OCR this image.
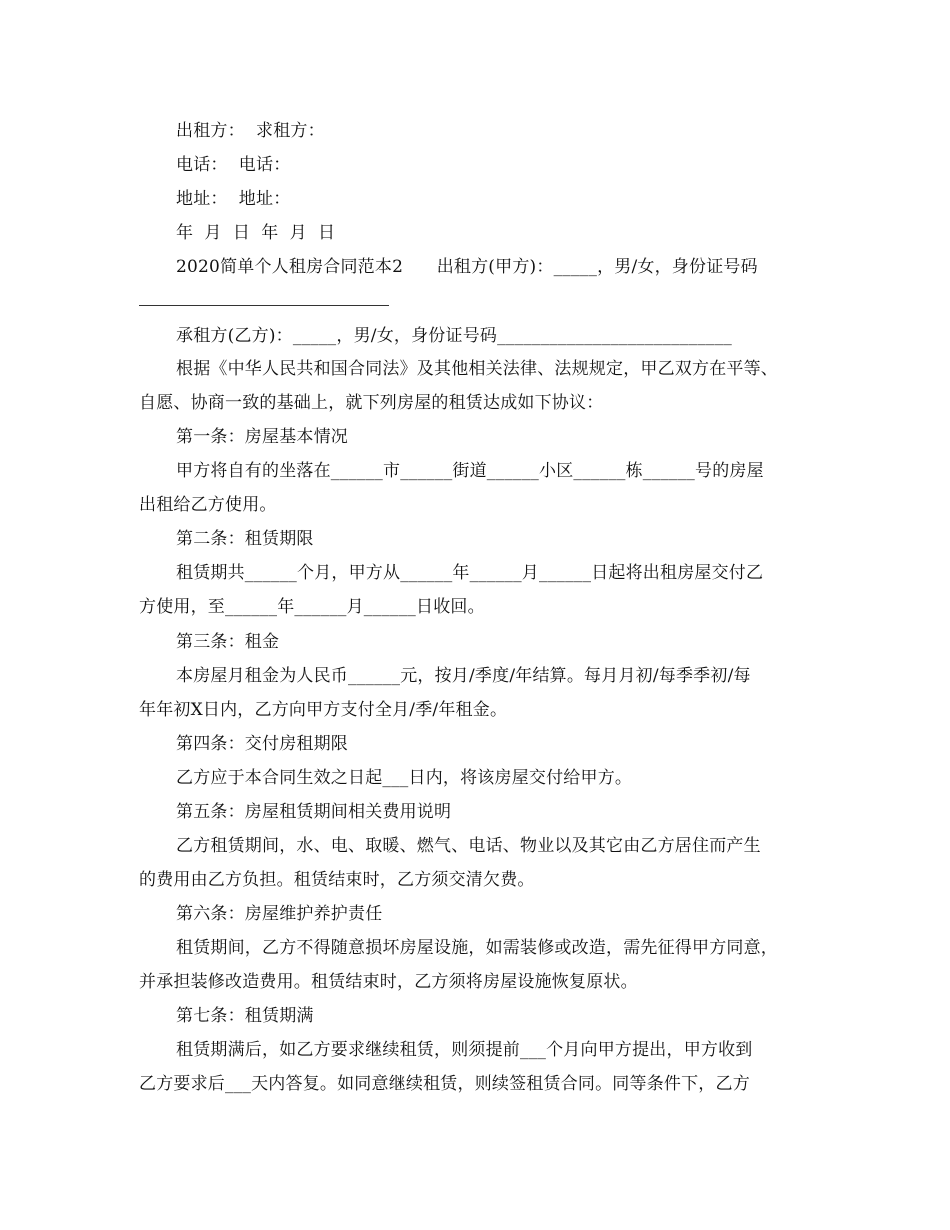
出租方：  求租方：
电话：  电话：
地址：  地址：
年  月  日  年  月  日
2020简单个人租房合同范本2      出租方(甲方)：_____，男/女，身份证号码
承租方(乙方)：_____，男/女，身份证号码___________________________
根据《中华人民共和国合同法》及其他相关法律、法规规定，甲乙双方在平等、
自愿、协商一致的基础上，就下列房屋的租赁达成如下协议：
第一条：房屋基本情况
甲方将自有的坐落在______市______街道______小区______栋______号的房屋
出租给乙方使用。
第二条：租赁期限
租赁期共______个月，甲方从______年______月______日起将出租房屋交付乙
方使用，至______年______月______日收回。
第三条：租金
本房屋月租金为人民币______元，按月/季度/年结算。每月月初/每季季初/每
年年初X日内，乙方向甲方支付全月/季/年租金。
第四条：交付房租期限
乙方应于本合同生效之日起___日内，将该房屋交付给甲方。
第五条：房屋租赁期间相关费用说明
乙方租赁期间，水、电、取暖、燃气、电话、物业以及其它由乙方居住而产生
的费用由乙方负担。租赁结束时，乙方须交清欠费。
第六条：房屋维护养护责任
租赁期间，乙方不得随意损坏房屋设施，如需装修或改造，需先征得甲方同意，
并承担装修改造费用。租赁结束时，乙方须将房屋设施恢复原状。
第七条：租赁期满
租赁期满后，如乙方要求继续租赁，则须提前___个月向甲方提出，甲方收到
乙方要求后___天内答复。如同意继续租赁，则续签租赁合同。同等条件下，乙方
